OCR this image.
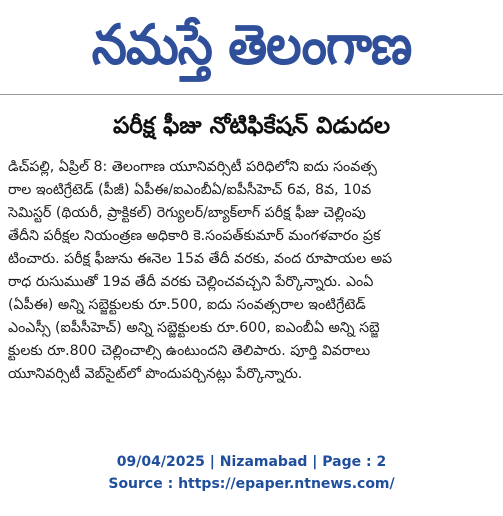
నమస్తే తెలంగాణ
పరీక్ష ఫీజు నోటిఫికేషన్ విడుదల
డిచ్‌పల్లి, ఏప్రిల్ 8: తెలంగాణ యూనివర్సిటీ పరిధిలోని ఐదు సంవత్స
రాల ఇంటిగ్రేటెడ్ (పీజీ) ఏపీఈ/ఐఎంబీఏ/ఐపీసీహెచ్ 6వ, 8వ, 10వ
సెమిస్టర్ (థియరీ, ప్రాక్టికల్) రెగ్యులర్/బ్యాక్‌లాగ్ పరీక్ష ఫీజు చెల్లింపు
తేదీని పరీక్షల నియంత్రణ అధికారి కె.సంపత్‌కుమార్ మంగళవారం ప్రక
టించారు. పరీక్ష ఫీజును ఈనెల 15వ తేదీ వరకు, వంద రూపాయల అప
రాధ రుసుముతో 19వ తేదీ వరకు చెల్లించవచ్చని పేర్కొన్నారు. ఎంఏ
(ఏపీఈ) అన్ని సబ్జెక్టులకు రూ.500, ఐదు సంవత్సరాల ఇంటిగ్రేటెడ్
ఎంఎస్సీ (ఐపీసీహెచ్) అన్ని సబ్జెక్టులకు రూ.600, ఐఎంబీఏ అన్ని సబ్జె
క్టులకు రూ.800 చెల్లించాల్సి ఉంటుందని తెలిపారు. పూర్తి వివరాలు
యూనివర్సిటీ వెబ్‌సైట్‌లో పొందుపర్చినట్లు పేర్కొన్నారు.
09/04/2025 | Nizamabad | Page : 2
Source : https://epaper.ntnews.com/
